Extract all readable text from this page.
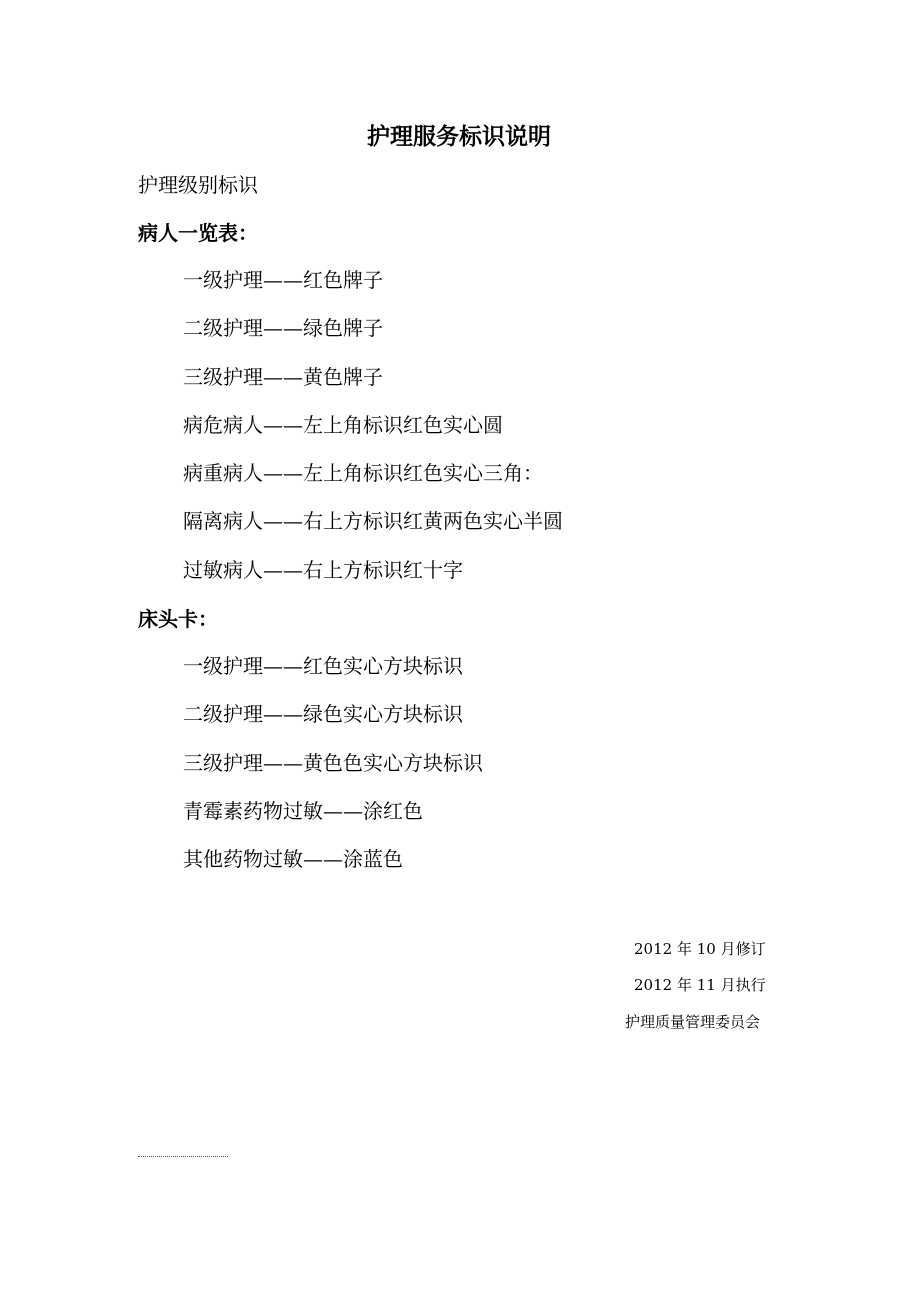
护理服务标识说明
护理级别标识
病人一览表：
一级护理——红色牌子
二级护理——绿色牌子
三级护理——黄色牌子
病危病人——左上角标识红色实心圆
病重病人——左上角标识红色实心三角：
隔离病人——右上方标识红黄两色实心半圆
过敏病人——右上方标识红十字
床头卡：
一级护理——红色实心方块标识
二级护理——绿色实心方块标识
三级护理——黄色色实心方块标识
青霉素药物过敏——涂红色
其他药物过敏——涂蓝色
2012 年 10 月修订
2012 年 11 月执行
护理质量管理委员会
